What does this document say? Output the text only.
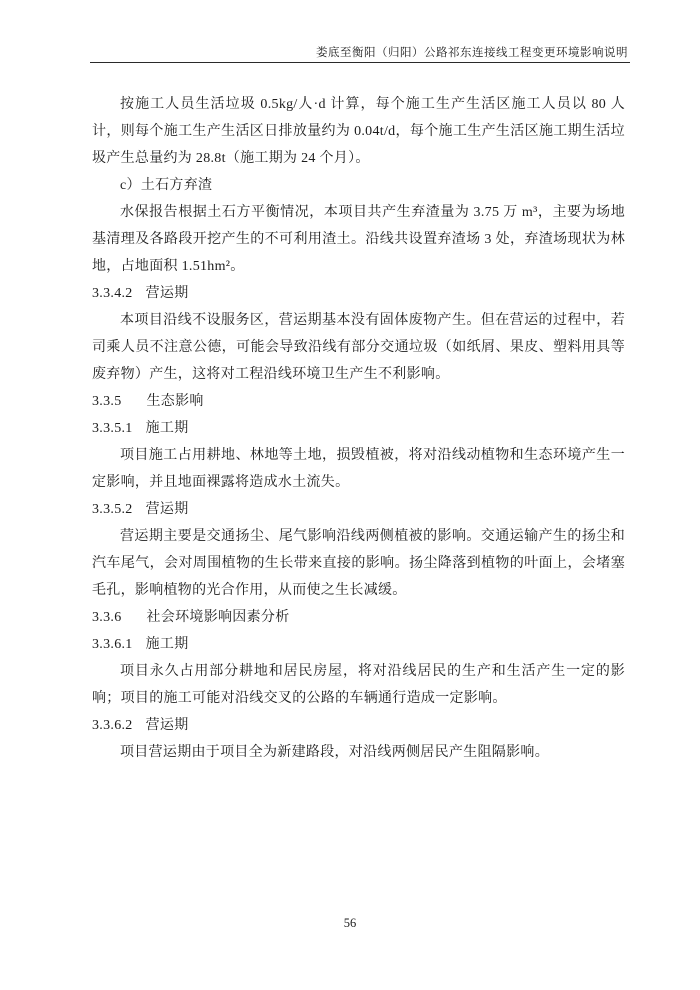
娄底至衡阳（归阳）公路祁东连接线工程变更环境影响说明

按施工人员生活垃圾 0.5kg/人·d 计算，每个施工生产生活区施工人员以 80 人计，则每个施工生产生活区日排放量约为 0.04t/d，每个施工生产生活区施工期生活垃圾产生总量约为 28.8t（施工期为 24 个月）。

c）土石方弃渣

水保报告根据土石方平衡情况，本项目共产生弃渣量为 3.75 万 m³，主要为场地基清理及各路段开挖产生的不可利用渣土。沿线共设置弃渣场 3 处，弃渣场现状为林地，占地面积 1.51hm²。

3.3.4.2 营运期

本项目沿线不设服务区，营运期基本没有固体废物产生。但在营运的过程中，若司乘人员不注意公德，可能会导致沿线有部分交通垃圾（如纸屑、果皮、塑料用具等废弃物）产生，这将对工程沿线环境卫生产生不利影响。

3.3.5 生态影响

3.3.5.1 施工期

项目施工占用耕地、林地等土地，损毁植被，将对沿线动植物和生态环境产生一定影响，并且地面裸露将造成水土流失。

3.3.5.2 营运期

营运期主要是交通扬尘、尾气影响沿线两侧植被的影响。交通运输产生的扬尘和汽车尾气，会对周围植物的生长带来直接的影响。扬尘降落到植物的叶面上，会堵塞毛孔，影响植物的光合作用，从而使之生长减缓。

3.3.6 社会环境影响因素分析

3.3.6.1 施工期

项目永久占用部分耕地和居民房屋，将对沿线居民的生产和生活产生一定的影响；项目的施工可能对沿线交叉的公路的车辆通行造成一定影响。

3.3.6.2 营运期

项目营运期由于项目全为新建路段，对沿线两侧居民产生阻隔影响。

56
